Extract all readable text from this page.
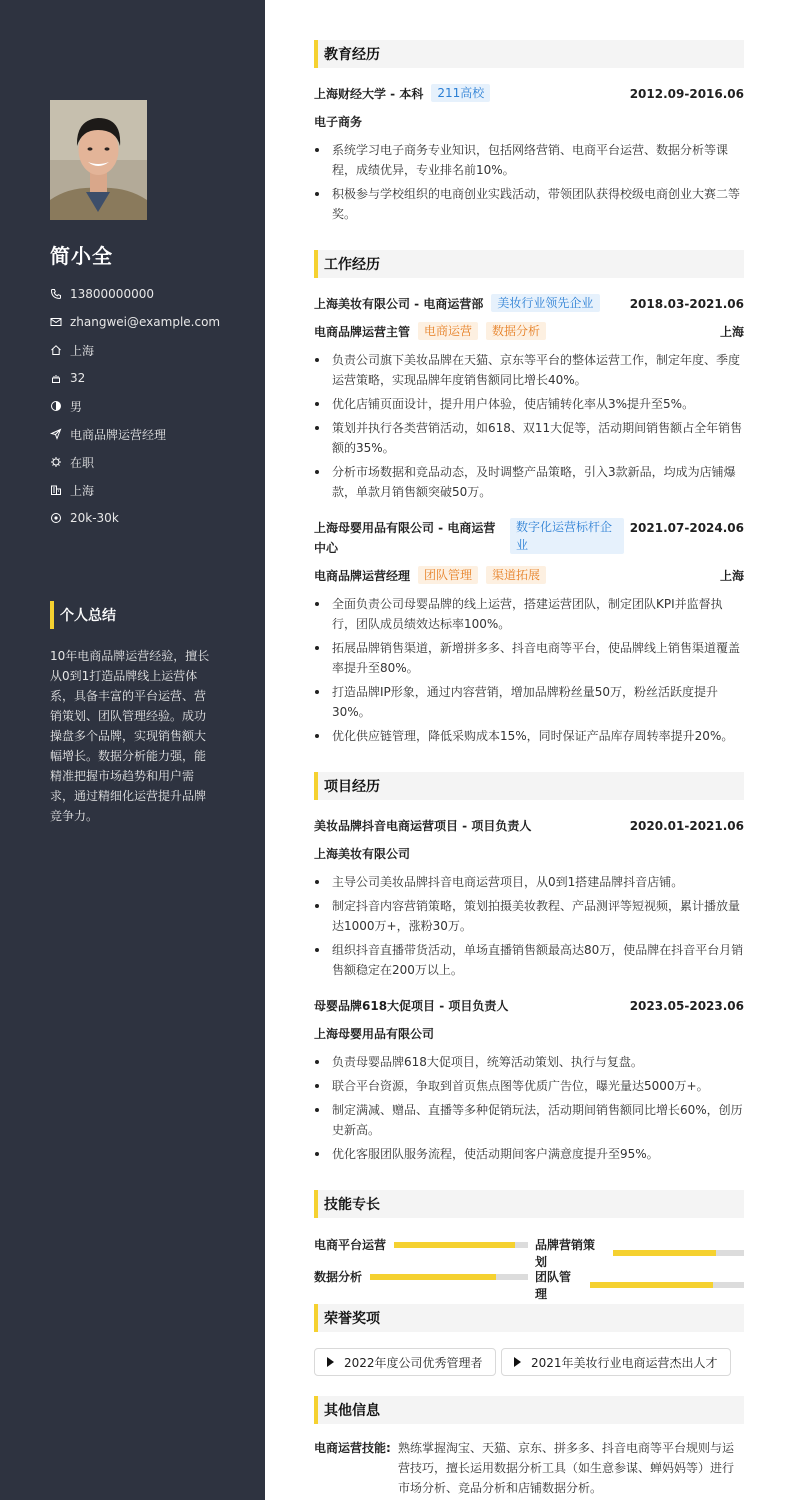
简小全
13800000000
zhangwei@example.com
上海
32
男
电商品牌运营经理
在职
上海
20k-30k
个人总结
10年电商品牌运营经验，擅长从0到1打造品牌线上运营体系，具备丰富的平台运营、营销策划、团队管理经验。成功操盘多个品牌，实现销售额大幅增长。数据分析能力强，能精准把握市场趋势和用户需求，通过精细化运营提升品牌竞争力。
教育经历
上海财经大学 - 本科	211高校	2012.09-2016.06
电子商务
系统学习电子商务专业知识，包括网络营销、电商平台运营、数据分析等课程，成绩优异，专业排名前10%。
积极参与学校组织的电商创业实践活动，带领团队获得校级电商创业大赛二等奖。
工作经历
上海美妆有限公司 - 电商运营部	美妆行业领先企业	2018.03-2021.06
电商品牌运营主管	电商运营	数据分析	上海
负责公司旗下美妆品牌在天猫、京东等平台的整体运营工作，制定年度、季度运营策略，实现品牌年度销售额同比增长40%。
优化店铺页面设计，提升用户体验，使店铺转化率从3%提升至5%。
策划并执行各类营销活动，如618、双11大促等，活动期间销售额占全年销售额的35%。
分析市场数据和竞品动态，及时调整产品策略，引入3款新品，均成为店铺爆款，单款月销售额突破50万。
上海母婴用品有限公司 - 电商运营中心
数字化运营标杆企业
2021.07-2024.06
电商品牌运营经理	团队管理	渠道拓展	上海
全面负责公司母婴品牌的线上运营，搭建运营团队，制定团队KPI并监督执行，团队成员绩效达标率100%。
拓展品牌销售渠道，新增拼多多、抖音电商等平台，使品牌线上销售渠道覆盖率提升至80%。
打造品牌IP形象，通过内容营销，增加品牌粉丝量50万，粉丝活跃度提升30%。
优化供应链管理，降低采购成本15%，同时保证产品库存周转率提升20%。
项目经历
美妆品牌抖音电商运营项目 - 项目负责人	2020.01-2021.06
上海美妆有限公司
主导公司美妆品牌抖音电商运营项目，从0到1搭建品牌抖音店铺。
制定抖音内容营销策略，策划拍摄美妆教程、产品测评等短视频，累计播放量达1000万+，涨粉30万。
组织抖音直播带货活动，单场直播销售额最高达80万，使品牌在抖音平台月销售额稳定在200万以上。
母婴品牌618大促项目 - 项目负责人	2023.05-2023.06
上海母婴用品有限公司
负责母婴品牌618大促项目，统筹活动策划、执行与复盘。
联合平台资源，争取到首页焦点图等优质广告位，曝光量达5000万+。
制定满减、赠品、直播等多种促销玩法，活动期间销售额同比增长60%，创历史新高。
优化客服团队服务流程，使活动期间客户满意度提升至95%。
技能专长
电商平台运营	品牌营销策划
数据分析	团队管理
荣誉奖项
2022年度公司优秀管理者	2021年美妆行业电商运营杰出人才
其他信息
电商运营技能: 熟练掌握淘宝、天猫、京东、拼多多、抖音电商等平台规则与运营技巧，擅长运用数据分析工具（如生意参谋、蝉妈妈等）进行市场分析、竞品分析和店铺数据分析。
